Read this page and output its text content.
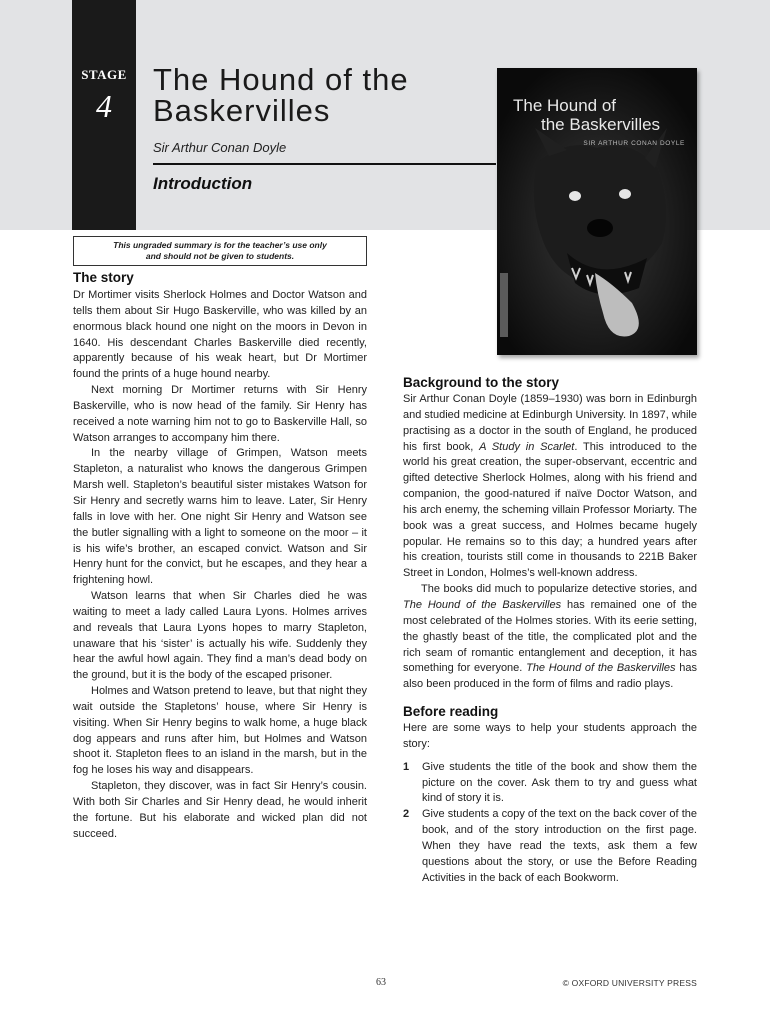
STAGE
4
The Hound of the Baskervilles
Sir Arthur Conan Doyle
Introduction
The Hound of
the Baskervilles
SIR ARTHUR CONAN DOYLE
This ungraded summary is for the teacher’s use only
and should not be given to students.
The story

Dr Mortimer visits Sherlock Holmes and Doctor Watson and tells them about Sir Hugo Baskerville, who was killed by an enormous black hound one night on the moors in Devon in 1640. His descendant Charles Baskerville died recently, apparently because of his weak heart, but Dr Mortimer found the prints of a huge hound nearby.

Next morning Dr Mortimer returns with Sir Henry Baskerville, who is now head of the family. Sir Henry has received a note warning him not to go to Baskerville Hall, so Watson arranges to accompany him there.

In the nearby village of Grimpen, Watson meets Stapleton, a naturalist who knows the dangerous Grimpen Marsh well. Stapleton’s beautiful sister mistakes Watson for Sir Henry and secretly warns him to leave. Later, Sir Henry falls in love with her. One night Sir Henry and Watson see the butler signalling with a light to someone on the moor – it is his wife’s brother, an escaped convict. Watson and Sir Henry hunt for the convict, but he escapes, and they hear a frightening howl.

Watson learns that when Sir Charles died he was waiting to meet a lady called Laura Lyons. Holmes arrives and reveals that Laura Lyons hopes to marry Stapleton, unaware that his ‘sister’ is actually his wife. Suddenly they hear the awful howl again. They find a man’s dead body on the ground, but it is the body of the escaped prisoner.

Holmes and Watson pretend to leave, but that night they wait outside the Stapletons’ house, where Sir Henry is visiting. When Sir Henry begins to walk home, a huge black dog appears and runs after him, but Holmes and Watson shoot it. Stapleton flees to an island in the marsh, but in the fog he loses his way and disappears.

Stapleton, they discover, was in fact Sir Henry’s cousin. With both Sir Charles and Sir Henry dead, he would inherit the fortune. But his elaborate and wicked plan did not succeed.

Background to the story

Sir Arthur Conan Doyle (1859–1930) was born in Edinburgh and studied medicine at Edinburgh University. In 1897, while practising as a doctor in the south of England, he produced his first book, A Study in Scarlet. This introduced to the world his great creation, the super-observant, eccentric and gifted detective Sherlock Holmes, along with his friend and companion, the good-natured if naïve Doctor Watson, and his arch enemy, the scheming villain Professor Moriarty. The book was a great success, and Holmes became hugely popular. He remains so to this day; a hundred years after his creation, tourists still come in thousands to 221B Baker Street in London, Holmes’s well-known address.

The books did much to popularize detective stories, and The Hound of the Baskervilles has remained one of the most celebrated of the Holmes stories. With its eerie setting, the ghastly beast of the title, the complicated plot and the rich seam of romantic entanglement and deception, it has something for everyone. The Hound of the Baskervilles has also been produced in the form of films and radio plays.

Before reading

Here are some ways to help your students approach the story:

1 Give students the title of the book and show them the picture on the cover. Ask them to try and guess what kind of story it is.
2 Give students a copy of the text on the back cover of the book, and of the story introduction on the first page. When they have read the texts, ask them a few questions about the story, or use the Before Reading Activities in the back of each Bookworm.
63	© OXFORD UNIVERSITY PRESS
